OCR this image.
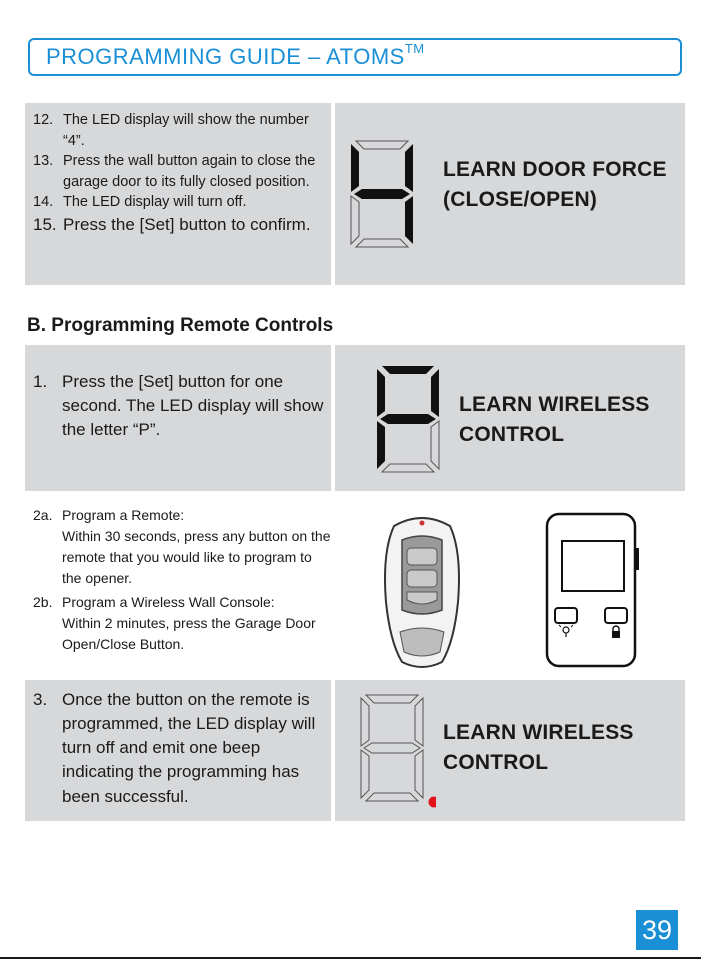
PROGRAMMING GUIDE – ATOMS™
12. The LED display will show the number “4”.
13. Press the wall button again to close the garage door to its fully closed position.
14. The LED display will turn off.
15. Press the [Set] button to confirm.
LEARN DOOR FORCE
(CLOSE/OPEN)
B. Programming Remote Controls
1. Press the [Set] button for one second. The LED display will show the letter “P”.
LEARN WIRELESS
CONTROL
2a. Program a Remote:
Within 30 seconds, press any button on the remote that you would like to program to the opener.
2b. Program a Wireless Wall Console:
Within 2 minutes, press the Garage Door Open/Close Button.
3. Once the button on the remote is programmed, the LED display will turn off and emit one beep indicating the programming has been successful.
LEARN WIRELESS
CONTROL
39
